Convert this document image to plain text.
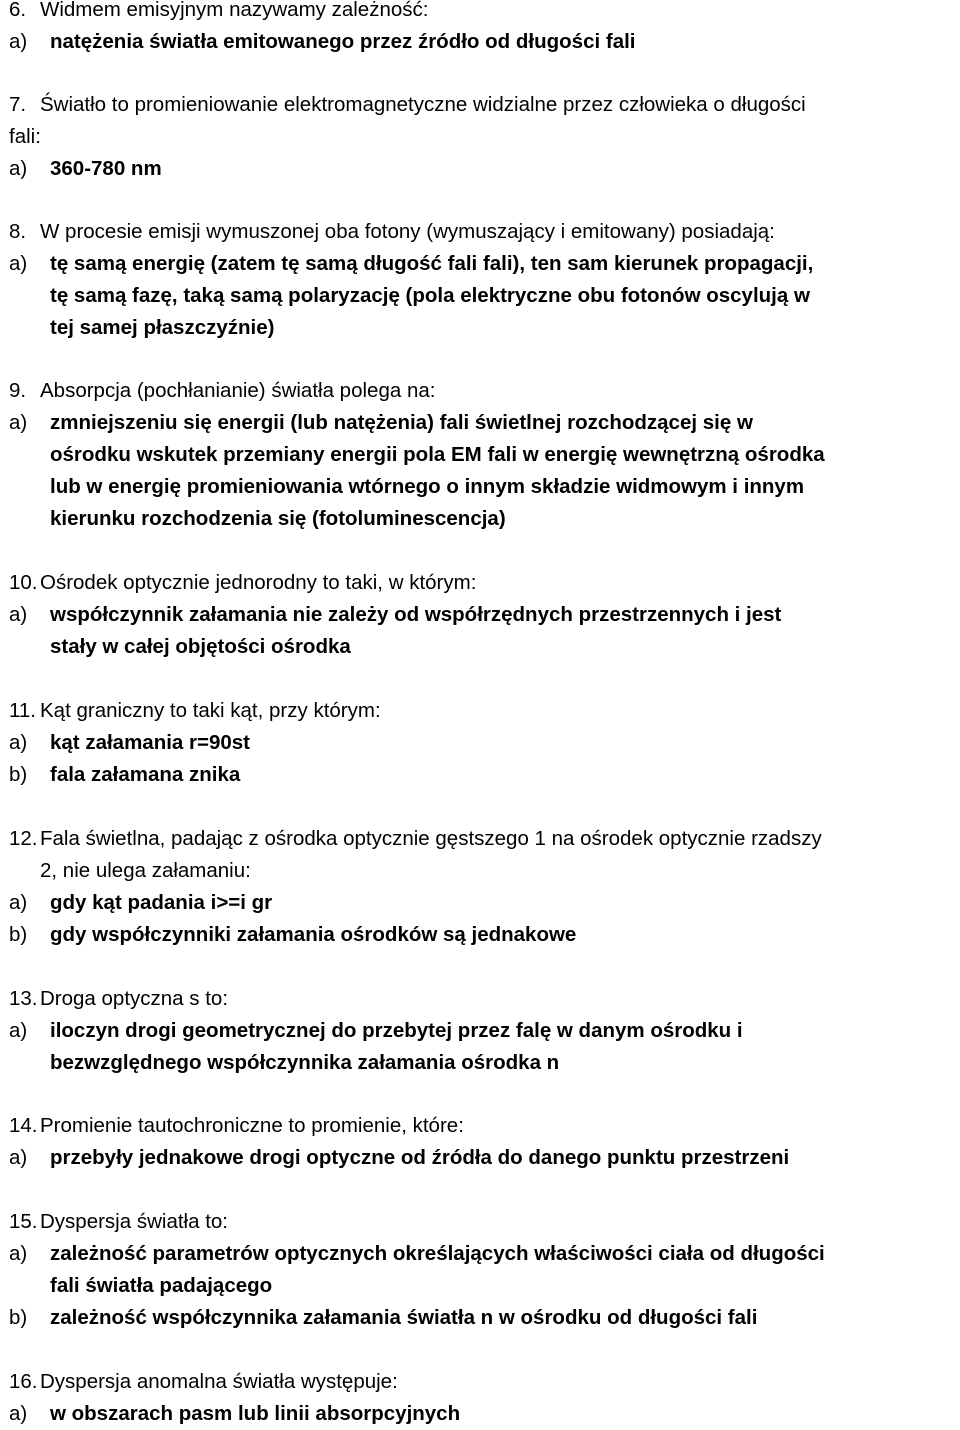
6. Widmem emisyjnym nazywamy zależność:
a) natężenia światła emitowanego przez źródło od długości fali
7. Światło to promieniowanie elektromagnetyczne widzialne przez człowieka o długości
fali:
a) 360-780 nm
8. W procesie emisji wymuszonej oba fotony (wymuszający i emitowany) posiadają:
a) tę samą energię (zatem tę samą długość fali fali), ten sam kierunek propagacji,
tę samą fazę, taką samą polaryzację (pola elektryczne obu fotonów oscylują w
tej samej płaszczyźnie)
9. Absorpcja (pochłanianie) światła polega na:
a) zmniejszeniu się energii (lub natężenia) fali świetlnej rozchodzącej się w
ośrodku wskutek przemiany energii pola EM fali w energię wewnętrzną ośrodka
lub w energię promieniowania wtórnego o innym składzie widmowym i innym
kierunku rozchodzenia się (fotoluminescencja)
10. Ośrodek optycznie jednorodny to taki, w którym:
a) współczynnik załamania nie zależy od współrzędnych przestrzennych i jest
stały w całej objętości ośrodka
11. Kąt graniczny to taki kąt, przy którym:
a) kąt załamania r=90st
b) fala załamana znika
12. Fala świetlna, padając z ośrodka optycznie gęstszego 1 na ośrodek optycznie rzadszy
2, nie ulega załamaniu:
a) gdy kąt padania i>=i gr
b) gdy współczynniki załamania ośrodków są jednakowe
13. Droga optyczna s to:
a) iloczyn drogi geometrycznej do przebytej przez falę w danym ośrodku i
bezwzględnego współczynnika załamania ośrodka n
14. Promienie tautochroniczne to promienie, które:
a) przebyły jednakowe drogi optyczne od źródła do danego punktu przestrzeni
15. Dyspersja światła to:
a) zależność parametrów optycznych określających właściwości ciała od długości
fali światła padającego
b) zależność współczynnika załamania światła n w ośrodku od długości fali
16. Dyspersja anomalna światła występuje:
a) w obszarach pasm lub linii absorpcyjnych
